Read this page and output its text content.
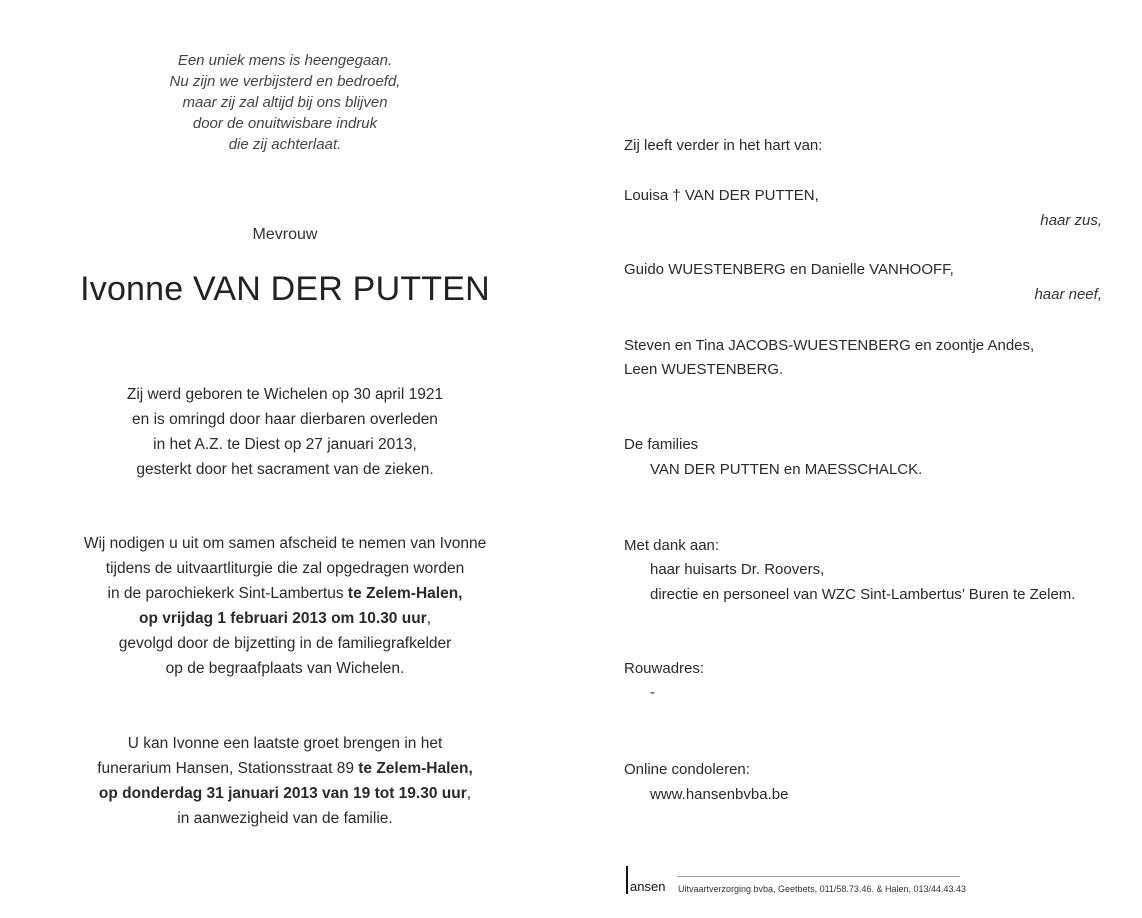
Een uniek mens is heengegaan.
Nu zijn we verbijsterd en bedroefd,
maar zij zal altijd bij ons blijven
door de onuitwisbare indruk
die zij achterlaat.
Mevrouw
Ivonne VAN DER PUTTEN
Zij werd geboren te Wichelen op 30 april 1921
en is omringd door haar dierbaren overleden
in het A.Z. te Diest op 27 januari 2013,
gesterkt door het sacrament van de zieken.
Wij nodigen u uit om samen afscheid te nemen van Ivonne
tijdens de uitvaartliturgie die zal opgedragen worden
in de parochiekerk Sint-Lambertus te Zelem-Halen,
op vrijdag 1 februari 2013 om 10.30 uur,
gevolgd door de bijzetting in de familiegrafkelder
op de begraafplaats van Wichelen.
U kan Ivonne een laatste groet brengen in het
funerarium Hansen, Stationsstraat 89 te Zelem-Halen,
op donderdag 31 januari 2013 van 19 tot 19.30 uur,
in aanwezigheid van de familie.
Zij leeft verder in het hart van:
Louisa † VAN DER PUTTEN,
haar zus,
Guido WUESTENBERG en Danielle VANHOOFF,
haar neef,
Steven en Tina JACOBS-WUESTENBERG en zoontje Andes,
Leen WUESTENBERG.
De families
VAN DER PUTTEN en MAESSCHALCK.
Met dank aan:
haar huisarts Dr. Roovers,
directie en personeel van WZC Sint-Lambertus’ Buren te Zelem.
Rouwadres:
-
Online condoleren:
www.hansenbvba.be
ansen Uitvaartverzorging bvba, Geetbets, 011/58.73.46. & Halen, 013/44.43.43
